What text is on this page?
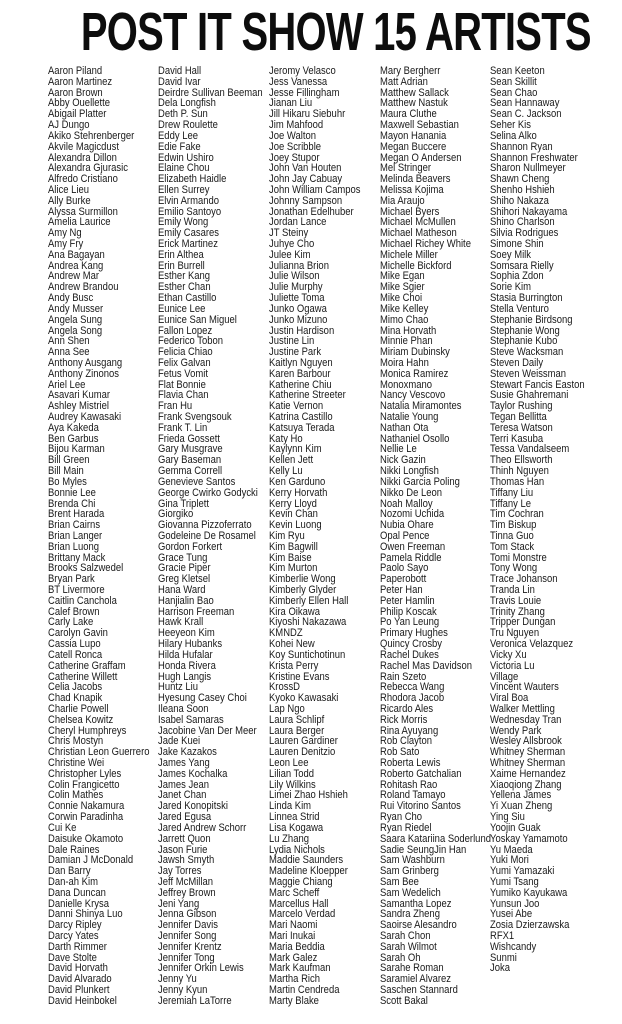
POST IT SHOW 15 ARTISTS
Aaron Piland
Aaron Martinez
Aaron Brown
Abby Ouellette
Abigail Platter
AJ Dungo
Akiko Stehrenberger
Akvile Magicdust
Alexandra Dillon
Alexandra Gjurasic
Alfredo Cristiano
Alice Lieu
Ally Burke
Alyssa Surmillon
Amelia Laurice
Amy Ng
Amy Fry
Ana Bagayan
Andrea Kang
Andrew Mar
Andrew Brandou
Andy Busc
Andy Musser
Angela Sung
Angela Song
Ann Shen
Anna See
Anthony Ausgang
Anthony Zinonos
Ariel Lee
Asavari Kumar
Ashley Mistriel
Audrey Kawasaki
Aya Kakeda
Ben Garbus
Bijou Karman
Bill Green
Bill Main
Bo Myles
Bonnie Lee
Brenda Chi
Brent Harada
Brian Cairns
Brian Langer
Brian Luong
Brittany Mack
Brooks Salzwedel
Bryan Park
BT Livermore
Caitlin Canchola
Calef Brown
Carly Lake
Carolyn Gavin
Cassia Lupo
Catell Ronca
Catherine Graffam
Catherine Willett
Celia Jacobs
Chad Knapik
Charlie Powell
Chelsea Kowitz
Cheryl Humphreys
Chris Mostyn
Christian Leon Guerrero
Christine Wei
Christopher Lyles
Colin Frangicetto
Colin Mathes
Connie Nakamura
Corwin Paradinha
Cui Ke
Daisuke Okamoto
Dale Raines
Damian J McDonald
Dan Barry
Dan-ah Kim
Dana Duncan
Danielle Krysa
Danni Shinya Luo
Darcy Ripley
Darcy Yates
Darth Rimmer
Dave Stolte
David Horvath
David Alvarado
David Plunkert
David Heinbokel
David Hall
David Ivar
Deirdre Sullivan Beeman
Dela Longfish
Deth P. Sun
Drew Roulette
Eddy Lee
Edie Fake
Edwin Ushiro
Elaine Chou
Elizabeth Haidle
Ellen Surrey
Elvin Armando
Emilio Santoyo
Emily Wong
Emily Casares
Erick Martinez
Erin Althea
Erin Burrell
Esther Kang
Esther Chan
Ethan Castillo
Eunice Lee
Eunice San Miguel
Fallon Lopez
Federico Tobon
Felicia Chiao
Felix Galvan
Fetus Vomit
Flat Bonnie
Flavia Chan
Fran Hu
Frank Svengsouk
Frank T. Lin
Frieda Gossett
Gary Musgrave
Gary Baseman
Gemma Correll
Genevieve Santos
George Cwirko Godycki
Gina Triplett
Giorgiko
Giovanna Pizzoferrato
Godeleine De Rosamel
Gordon Forkert
Grace Tung
Gracie Piper
Greg Kletsel
Hana Ward
Hanjialin Bao
Harrison Freeman
Hawk Krall
Heeyeon Kim
Hilary Hubanks
Hilda Hufalar
Honda Rivera
Hugh Langis
Huntz Liu
Hyesung Casey Choi
Ileana Soon
Isabel Samaras
Jacobine Van Der Meer
Jade Kuei
Jake Kazakos
James Yang
James Kochalka
James Jean
Janet Chan
Jared Konopitski
Jared Egusa
Jared Andrew Schorr
Jarrett Quon
Jason Furie
Jawsh Smyth
Jay Torres
Jeff McMillan
Jeffrey Brown
Jeni Yang
Jenna Gibson
Jennifer Davis
Jennifer Song
Jennifer Krentz
Jennifer Tong
Jennifer Orkin Lewis
Jenny Yu
Jenny Kyun
Jeremiah LaTorre
Jeromy Velasco
Jess Vanessa
Jesse Fillingham
Jianan Liu
Jill Hikaru Siebuhr
Jim Mahfood
Joe Walton
Joe Scribble
Joey Stupor
John Van Houten
John Jay Cabuay
John William Campos
Johnny Sampson
Jonathan Edelhuber
Jordan Lance
JT Steiny
Juhye Cho
Julee Kim
Julianna Brion
Julie Wilson
Julie Murphy
Juliette Toma
Junko Ogawa
Junko Mizuno
Justin Hardison
Justine Lin
Justine Park
Kaitlyn Nguyen
Karen Barbour
Katherine Chiu
Katherine Streeter
Katie Vernon
Katrina Castillo
Katsuya Terada
Katy Ho
Kaylynn Kim
Kellen Jett
Kelly Lu
Ken Garduno
Kerry Horvath
Kerry Lloyd
Kevin Chan
Kevin Luong
Kim Ryu
Kim Bagwill
Kim Baise
Kim Murton
Kimberlie Wong
Kimberly Glyder
Kimberly Ellen Hall
Kira Oikawa
Kiyoshi Nakazawa
KMNDZ
Kohei New
Koy Suntichotinun
Krista Perry
Kristine Evans
KrossD
Kyoko Kawasaki
Lap Ngo
Laura Schlipf
Laura Berger
Lauren Gardiner
Lauren Denitzio
Leon Lee
Lilian Todd
Lily Wilkins
Limei Zhao Hshieh
Linda Kim
Linnea Strid
Lisa Kogawa
Lu Zhang
Lydia Nichols
Maddie Saunders
Madeline Kloepper
Maggie Chiang
Marc Scheff
Marcellus Hall
Marcelo Verdad
Mari Naomi
Mari Inukai
Maria Beddia
Mark Galez
Mark Kaufman
Martha Rich
Martin Cendreda
Marty Blake
Mary Bergherr
Matt Adrian
Matthew Sallack
Matthew Nastuk
Maura Cluthe
Maxwell Sebastian
Mayon Hanania
Megan Buccere
Megan O Andersen
Mel Stringer
Melinda Beavers
Melissa Kojima
Mia Araujo
Michael Byers
Michael McMullen
Michael Matheson
Michael Richey White
Michele Miller
Michelle Bickford
Mike Egan
Mike Sgier
Mike Choi
Mike Kelley
Mimo Chao
Mina Horvath
Minnie Phan
Miriam Dubinsky
Moira Hahn
Monica Ramirez
Monoxmano
Nancy Vescovo
Natalia Miramontes
Natalie Young
Nathan Ota
Nathaniel Osollo
Nellie Le
Nick Gazin
Nikki Longfish
Nikki Garcia Poling
Nikko De Leon
Noah Malloy
Nozomi Uchida
Nubia Ohare
Opal Pence
Owen Freeman
Pamela Riddle
Paolo Sayo
Paperobott
Peter Han
Peter Hamlin
Philip Koscak
Po Yan Leung
Primary Hughes
Quincy Crosby
Rachel Dukes
Rachel Mas Davidson
Rain Szeto
Rebecca Wang
Rhodora Jacob
Ricardo Ales
Rick Morris
Rina Ayuyang
Rob Clayton
Rob Sato
Roberta Lewis
Roberto Gatchalian
Rohitash Rao
Roland Tamayo
Rui Vitorino Santos
Ryan Cho
Ryan Riedel
Saara Katariina Soderlund
Sadie SeungJin Han
Sam Washburn
Sam Grinberg
Sam Bee
Sam Wedelich
Samantha Lopez
Sandra Zheng
Saoirse Alesandro
Sarah Chon
Sarah Wilmot
Sarah Oh
Sarahe Roman
Saramiel Alvarez
Saschen Stannard
Scott Bakal
Sean Keeton
Sean Skillit
Sean Chao
Sean Hannaway
Sean C. Jackson
Seher Kis
Selina Alko
Shannon Ryan
Shannon Freshwater
Sharon Nullmeyer
Shawn Cheng
Shenho Hshieh
Shiho Nakaza
Shihori Nakayama
Shino Charlson
Silvia Rodrigues
Simone Shin
Soey Milk
Somsara Rielly
Sophia Zdon
Sorie Kim
Stasia Burrington
Stella Venturo
Stephanie Birdsong
Stephanie Wong
Stephanie Kubo
Steve Wacksman
Steven Daily
Steven Weissman
Stewart Fancis Easton
Susie Ghahremani
Taylor Rushing
Tegan Bellitta
Teresa Watson
Terri Kasuba
Tessa Vandalseem
Theo Ellsworth
Thinh Nguyen
Thomas Han
Tiffany Liu
Tiffany Le
Tim Cochran
Tim Biskup
Tinna Guo
Tom Stack
Tomi Monstre
Tony Wong
Trace Johanson
Tranda Lin
Travis Louie
Trinity Zhang
Tripper Dungan
Tru Nguyen
Veronica Velazquez
Vicky Xu
Victoria Lu
Village
Vincent Wauters
Viral Boa
Walker Mettling
Wednesday Tran
Wendy Park
Wesley Allsbrook
Whitney Sherman
Whitney Sherman
Xaime Hernandez
Xiaoqiong Zhang
Yellena James
Yi Xuan Zheng
Ying Siu
Yoojin Guak
Yoskay Yamamoto
Yu Maeda
Yuki Mori
Yumi Yamazaki
Yumi Tsang
Yumiko Kayukawa
Yunsun Joo
Yusei Abe
Zosia Dzierzawska
RFX1
Wishcandy
Sunmi
Joka
